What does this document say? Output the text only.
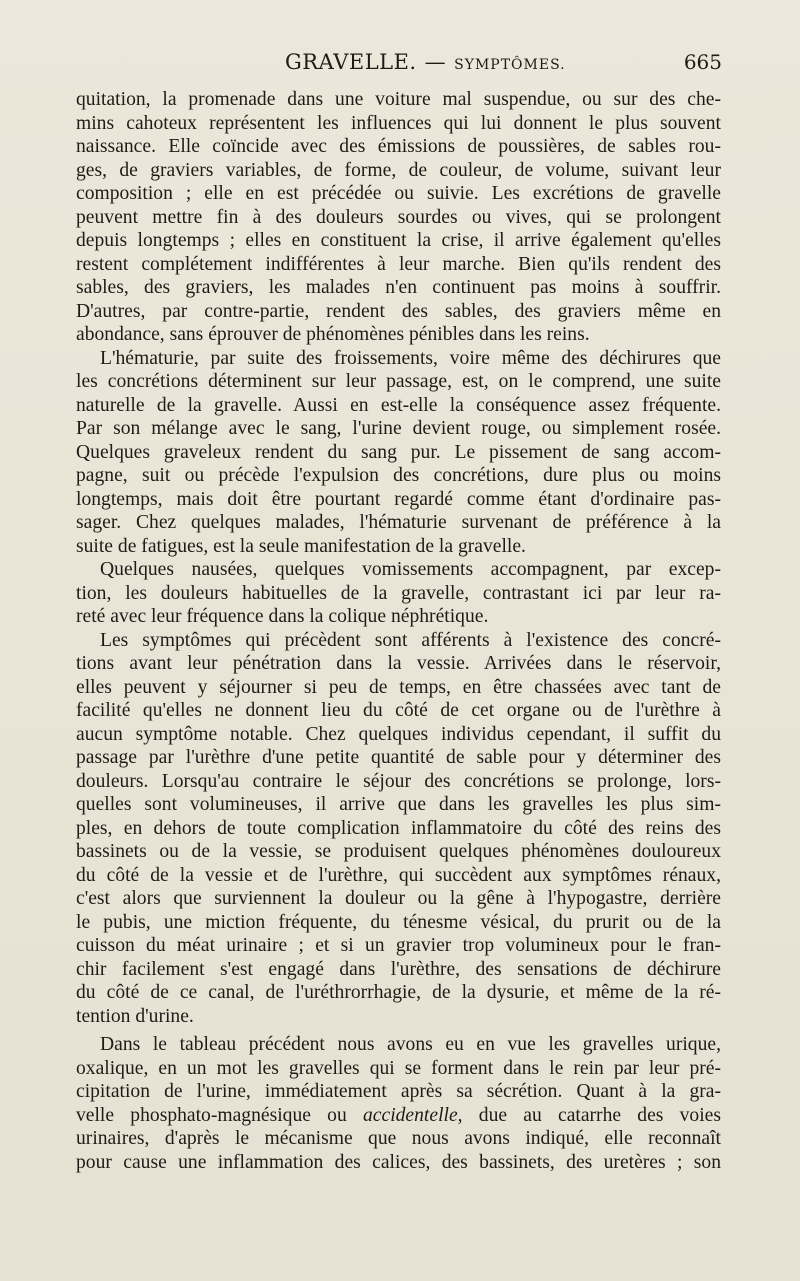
GRAVELLE. — SYMPTÔMES.	665

quitation, la promenade dans une voiture mal suspendue, ou sur des che-

mins cahoteux représentent les influences qui lui donnent le plus souvent

naissance. Elle coïncide avec des émissions de poussières, de sables rou-

ges, de graviers variables, de forme, de couleur, de volume, suivant leur

composition ; elle en est précédée ou suivie. Les excrétions de gravelle

peuvent mettre fin à des douleurs sourdes ou vives, qui se prolongent

depuis longtemps ; elles en constituent la crise, il arrive également qu'elles

restent complétement indifférentes à leur marche. Bien qu'ils rendent des

sables, des graviers, les malades n'en continuent pas moins à souffrir.

D'autres, par contre-partie, rendent des sables, des graviers même en

abondance, sans éprouver de phénomènes pénibles dans les reins.

L'hématurie, par suite des froissements, voire même des déchirures que

les concrétions déterminent sur leur passage, est, on le comprend, une suite

naturelle de la gravelle. Aussi en est-elle la conséquence assez fréquente.

Par son mélange avec le sang, l'urine devient rouge, ou simplement rosée.

Quelques graveleux rendent du sang pur. Le pissement de sang accom-

pagne, suit ou précède l'expulsion des concrétions, dure plus ou moins

longtemps, mais doit être pourtant regardé comme étant d'ordinaire pas-

sager. Chez quelques malades, l'hématurie survenant de préférence à la

suite de fatigues, est la seule manifestation de la gravelle.

Quelques nausées, quelques vomissements accompagnent, par excep-

tion, les douleurs habituelles de la gravelle, contrastant ici par leur ra-

reté avec leur fréquence dans la colique néphrétique.

Les symptômes qui précèdent sont afférents à l'existence des concré-

tions avant leur pénétration dans la vessie. Arrivées dans le réservoir,

elles peuvent y séjourner si peu de temps, en être chassées avec tant de

facilité qu'elles ne donnent lieu du côté de cet organe ou de l'urèthre à

aucun symptôme notable. Chez quelques individus cependant, il suffit du

passage par l'urèthre d'une petite quantité de sable pour y déterminer des

douleurs. Lorsqu'au contraire le séjour des concrétions se prolonge, lors-

quelles sont volumineuses, il arrive que dans les gravelles les plus sim-

ples, en dehors de toute complication inflammatoire du côté des reins des

bassinets ou de la vessie, se produisent quelques phénomènes douloureux

du côté de la vessie et de l'urèthre, qui succèdent aux symptômes rénaux,

c'est alors que surviennent la douleur ou la gêne à l'hypogastre, derrière

le pubis, une miction fréquente, du ténesme vésical, du prurit ou de la

cuisson du méat urinaire ; et si un gravier trop volumineux pour le fran-

chir facilement s'est engagé dans l'urèthre, des sensations de déchirure

du côté de ce canal, de l'uréthrorrhagie, de la dysurie, et même de la ré-

tention d'urine.

Dans le tableau précédent nous avons eu en vue les gravelles urique,

oxalique, en un mot les gravelles qui se forment dans le rein par leur pré-

cipitation de l'urine, immédiatement après sa sécrétion. Quant à la gra-

velle phosphato-magnésique ou accidentelle, due au catarrhe des voies

urinaires, d'après le mécanisme que nous avons indiqué, elle reconnaît

pour cause une inflammation des calices, des bassinets, des uretères ; son
